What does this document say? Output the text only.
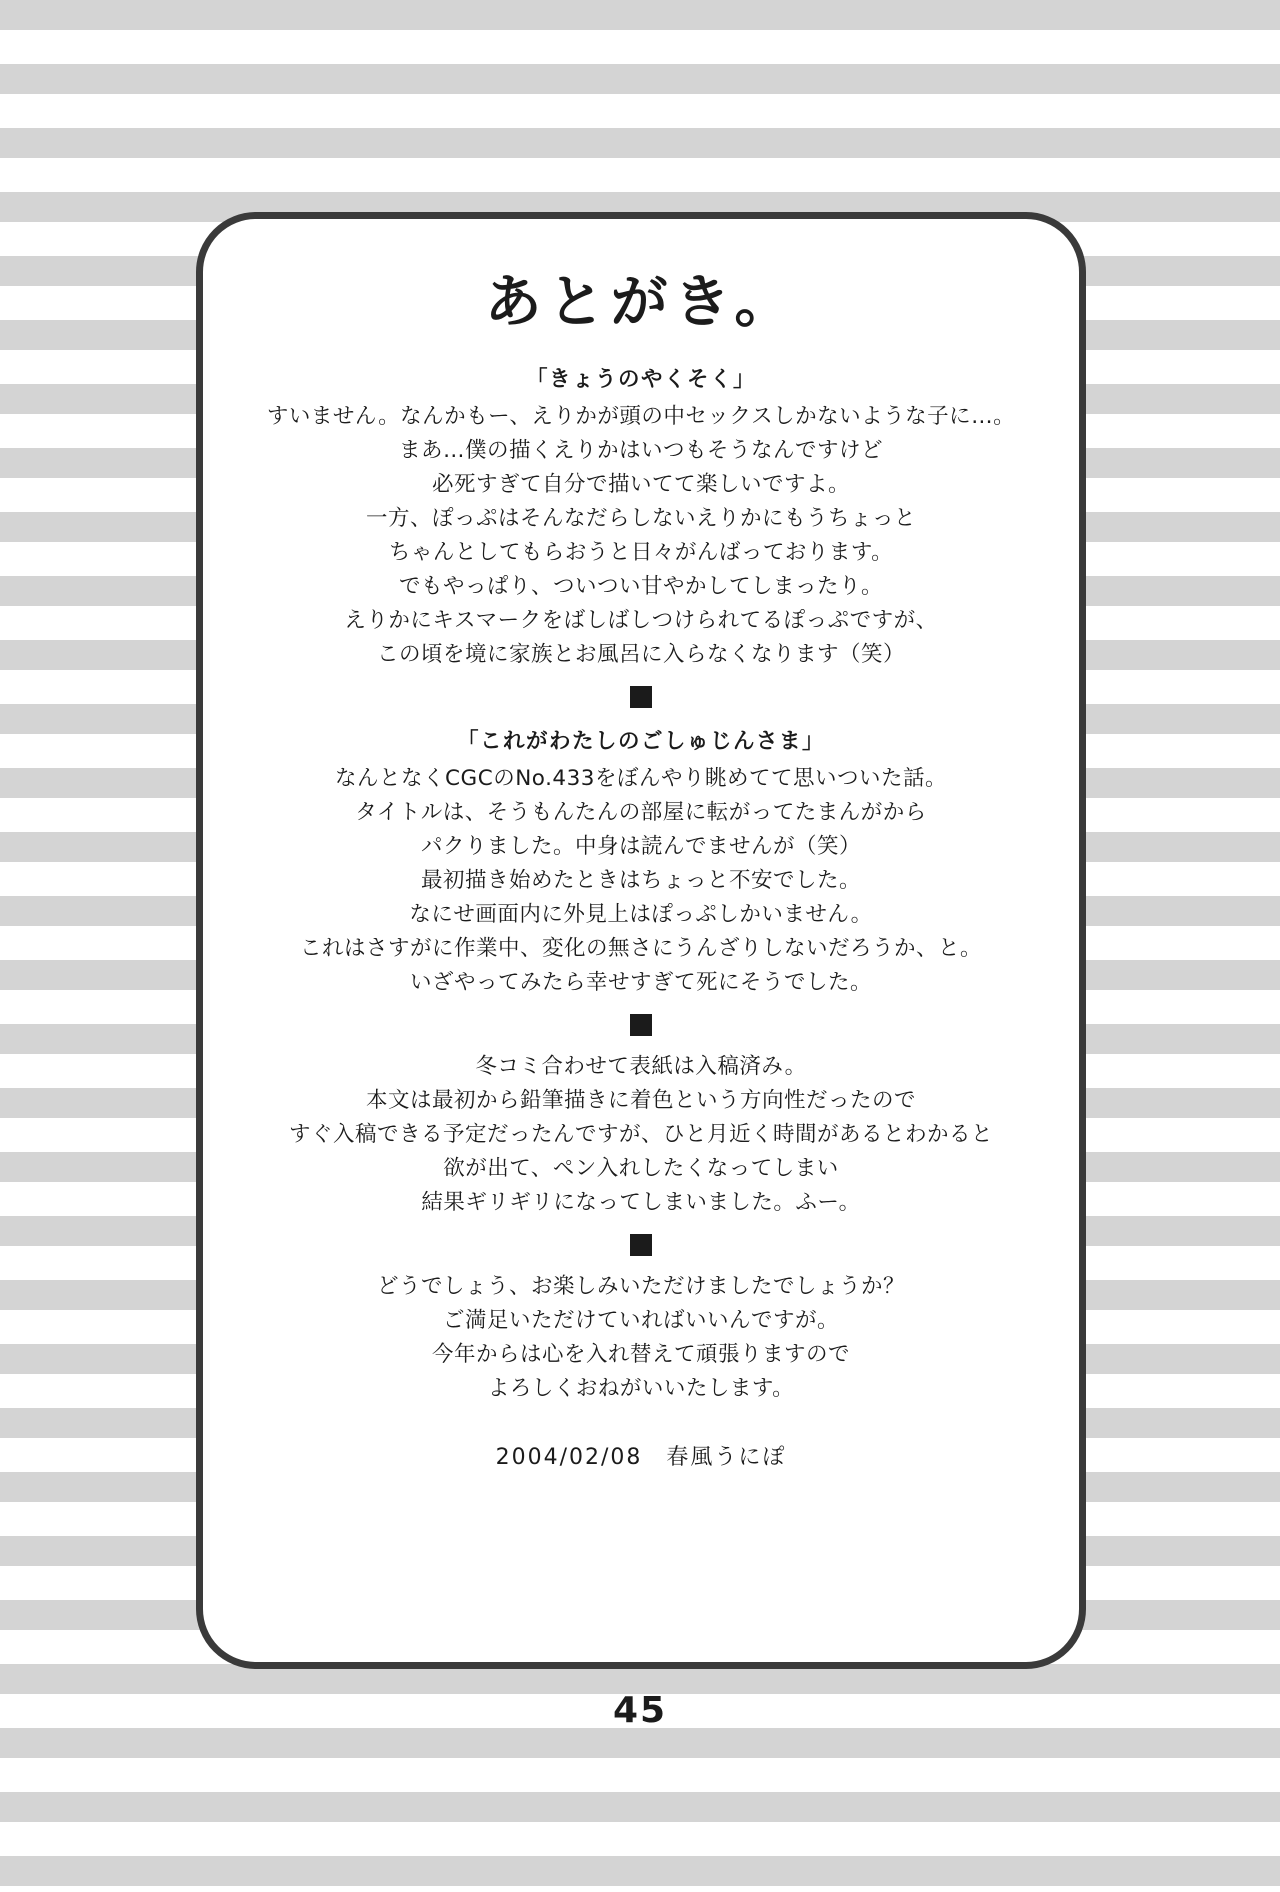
あとがき。
「きょうのやくそく」
すいません。なんかもー、えりかが頭の中セックスしかないような子に…。
まあ…僕の描くえりかはいつもそうなんですけど
必死すぎて自分で描いてて楽しいですよ。
一方、ぽっぷはそんなだらしないえりかにもうちょっと
ちゃんとしてもらおうと日々がんばっております。
でもやっぱり、ついつい甘やかしてしまったり。
えりかにキスマークをばしばしつけられてるぽっぷですが、
この頃を境に家族とお風呂に入らなくなります（笑）
「これがわたしのごしゅじんさま」
なんとなくCGCのNo.433をぼんやり眺めてて思いついた話。
タイトルは、そうもんたんの部屋に転がってたまんがから
パクりました。中身は読んでませんが（笑）
最初描き始めたときはちょっと不安でした。
なにせ画面内に外見上はぽっぷしかいません。
これはさすがに作業中、変化の無さにうんざりしないだろうか、と。
いざやってみたら幸せすぎて死にそうでした。
冬コミ合わせて表紙は入稿済み。
本文は最初から鉛筆描きに着色という方向性だったので
すぐ入稿できる予定だったんですが、ひと月近く時間があるとわかると
欲が出て、ペン入れしたくなってしまい
結果ギリギリになってしまいました。ふー。
どうでしょう、お楽しみいただけましたでしょうか？
ご満足いただけていればいいんですが。
今年からは心を入れ替えて頑張りますので
よろしくおねがいいたします。
2004/02/08　春風うにぽ
45
